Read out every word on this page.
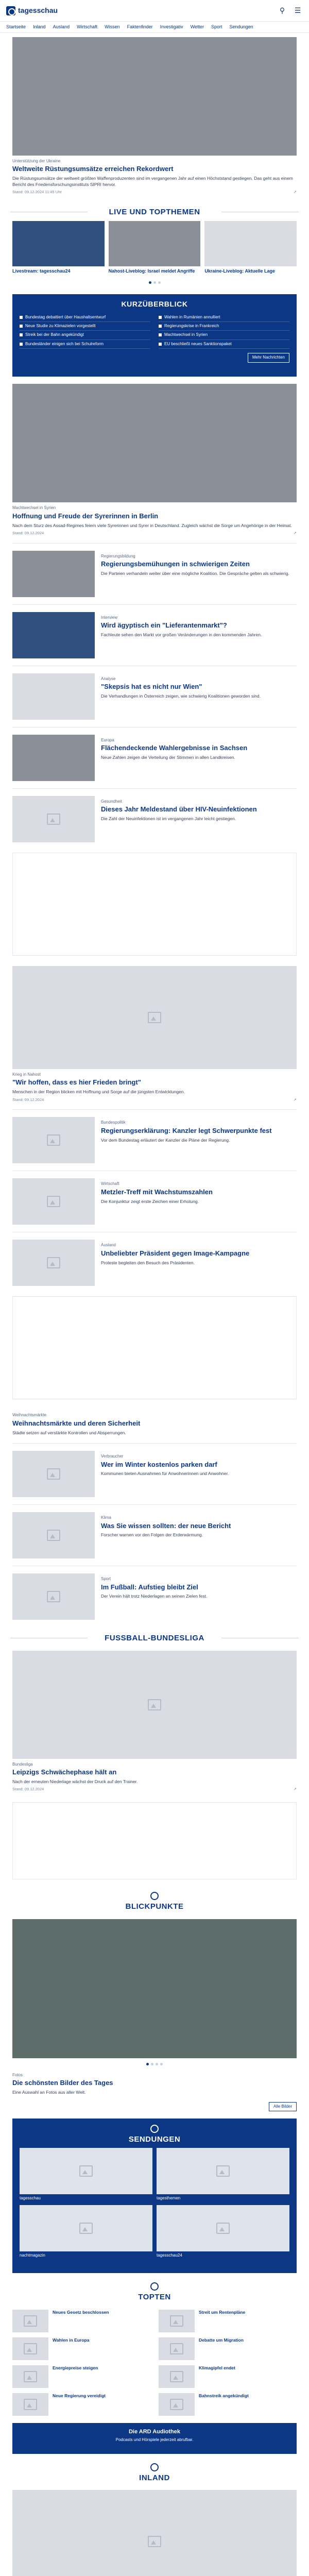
tagesschau	⚲	☰
Startseite Inland Ausland Wirtschaft Wissen Faktenfinder Investigativ Wetter Sport Sendungen
Unterstützung der Ukraine
Weltweite Rüstungsumsätze erreichen Rekordwert
Die Rüstungsumsätze der weltweit größten Waffenproduzenten sind im vergangenen Jahr auf einen Höchststand gestiegen. Das geht aus einem Bericht des Friedensforschungsinstituts SIPRI hervor.
Stand: 09.12.2024 11:45 Uhr	↗
LIVE UND TOPTHEMEN
Livestream: tagesschau24	Nahost-Liveblog: Israel meldet Angriffe	Ukraine-Liveblog: Aktuelle Lage
KURZÜBERBLICK
Bundestag debattiert über Haushaltsentwurf
Neue Studie zu Klimazielen vorgestellt
Streik bei der Bahn angekündigt
Bundesländer einigen sich bei Schulreform
Wahlen in Rumänien annulliert
Regierungskrise in Frankreich
Machtwechsel in Syrien
EU beschließt neues Sanktionspaket
Mehr Nachrichten
Machtwechsel in Syrien
Hoffnung und Freude der Syrerinnen in Berlin
Nach dem Sturz des Assad-Regimes feiern viele Syrerinnen und Syrer in Deutschland. Zugleich wächst die Sorge um Angehörige in der Heimat.
Stand: 09.12.2024	↗
Regierungsbildung
Regierungsbemühungen in schwierigen Zeiten
Die Parteien verhandeln weiter über eine mögliche Koalition. Die Gespräche gelten als schwierig.
Interview
Wird ägyptisch ein "Lieferantenmarkt"?
Fachleute sehen den Markt vor großen Veränderungen in den kommenden Jahren.
Analyse
"Skepsis hat es nicht nur Wien"
Die Verhandlungen in Österreich zeigen, wie schwierig Koalitionen geworden sind.
Europa
Flächendeckende Wahlergebnisse in Sachsen
Neue Zahlen zeigen die Verteilung der Stimmen in allen Landkreisen.
Gesundheit
Dieses Jahr Meldestand über HIV-Neuinfektionen
Die Zahl der Neuinfektionen ist im vergangenen Jahr leicht gestiegen.
Krieg in Nahost
"Wir hoffen, dass es hier Frieden bringt"
Menschen in der Region blicken mit Hoffnung und Sorge auf die jüngsten Entwicklungen.
Stand: 09.12.2024	↗
Bundespolitik
Regierungserklärung: Kanzler legt Schwerpunkte fest
Vor dem Bundestag erläutert der Kanzler die Pläne der Regierung.
Wirtschaft
Metzler-Treff mit Wachstumszahlen
Die Konjunktur zeigt erste Zeichen einer Erholung.
Ausland
Unbeliebter Präsident gegen Image-Kampagne
Proteste begleiten den Besuch des Präsidenten.
Weihnachtsmärkte
Weihnachtsmärkte und deren Sicherheit
Städte setzen auf verstärkte Kontrollen und Absperrungen.
Verbraucher
Wer im Winter kostenlos parken darf
Kommunen bieten Ausnahmen für Anwohnerinnen und Anwohner.
Klima
Was Sie wissen sollten: der neue Bericht
Forscher warnen vor den Folgen der Erderwärmung.
Sport
Im Fußball: Aufstieg bleibt Ziel
Der Verein hält trotz Niederlagen an seinen Zielen fest.
FUSSBALL-BUNDESLIGA
Bundesliga
Leipzigs Schwächephase hält an
Nach der erneuten Niederlage wächst der Druck auf den Trainer.
Stand: 09.12.2024	↗
BLICKPUNKTE
Fotos
Die schönsten Bilder des Tages
Eine Auswahl an Fotos aus aller Welt.
Alle Bilder
SENDUNGEN
tagesschau	tagesthemen
nachtmagazin	tagesschau24
TOPTEN
Neues Gesetz beschlossen	Streit um Rentenpläne
Wahlen in Europa	Debatte um Migration
Energiepreise steigen	Klimagipfel endet
Neue Regierung vereidigt	Bahnstreik angekündigt
Die ARD Audiothek
Podcasts und Hörspiele jederzeit abrufbar.
INLAND
